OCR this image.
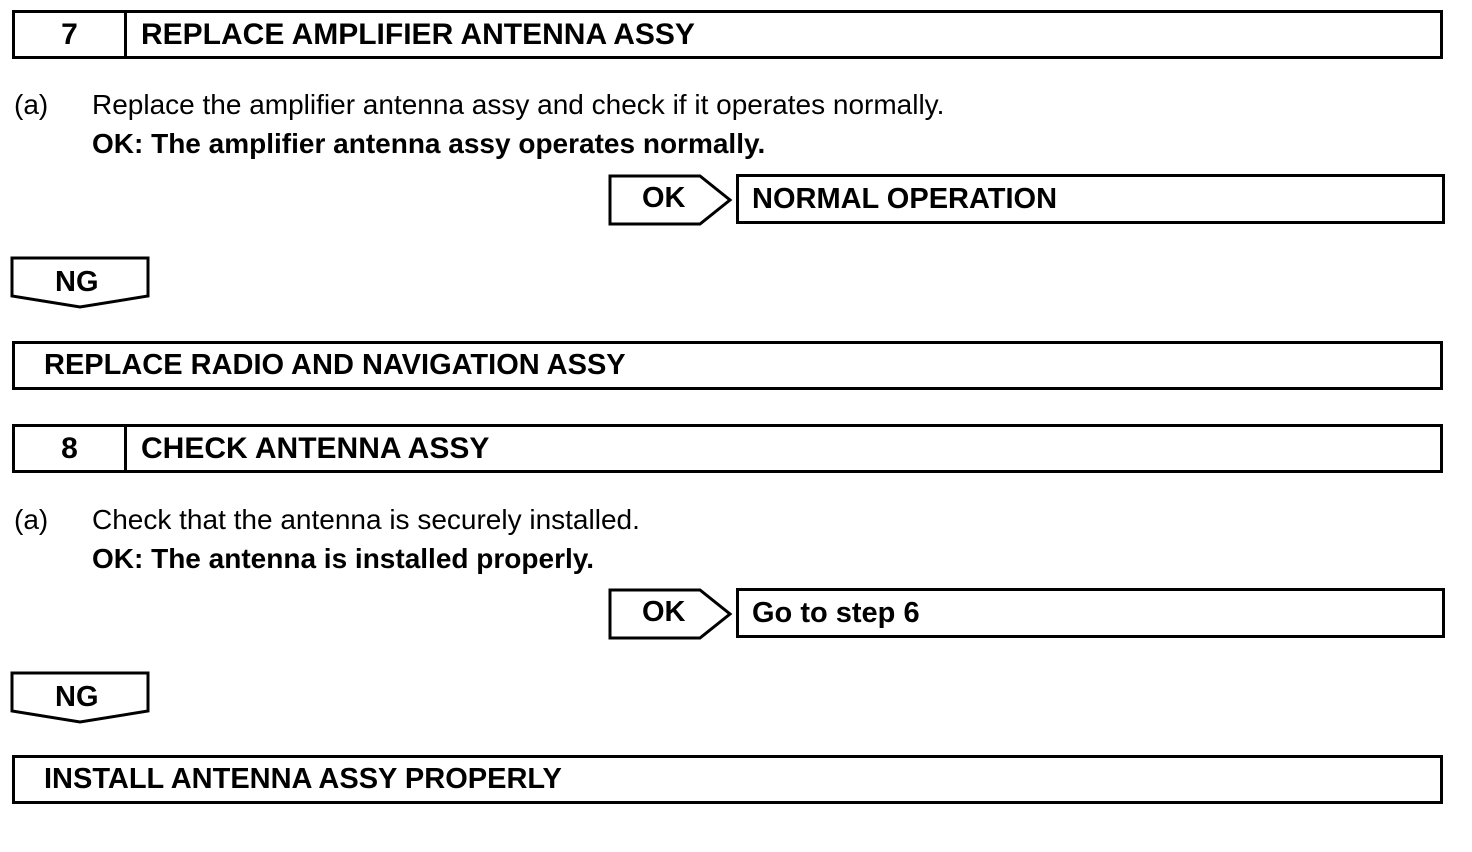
7	REPLACE AMPLIFIER ANTENNA ASSY
(a) Replace the amplifier antenna assy and check if it operates normally.
OK: The amplifier antenna assy operates normally.
OK	NORMAL OPERATION
NG
REPLACE RADIO AND NAVIGATION ASSY
8	CHECK ANTENNA ASSY
(a) Check that the antenna is securely installed.
OK: The antenna is installed properly.
OK	Go to step 6
NG
INSTALL ANTENNA ASSY PROPERLY
